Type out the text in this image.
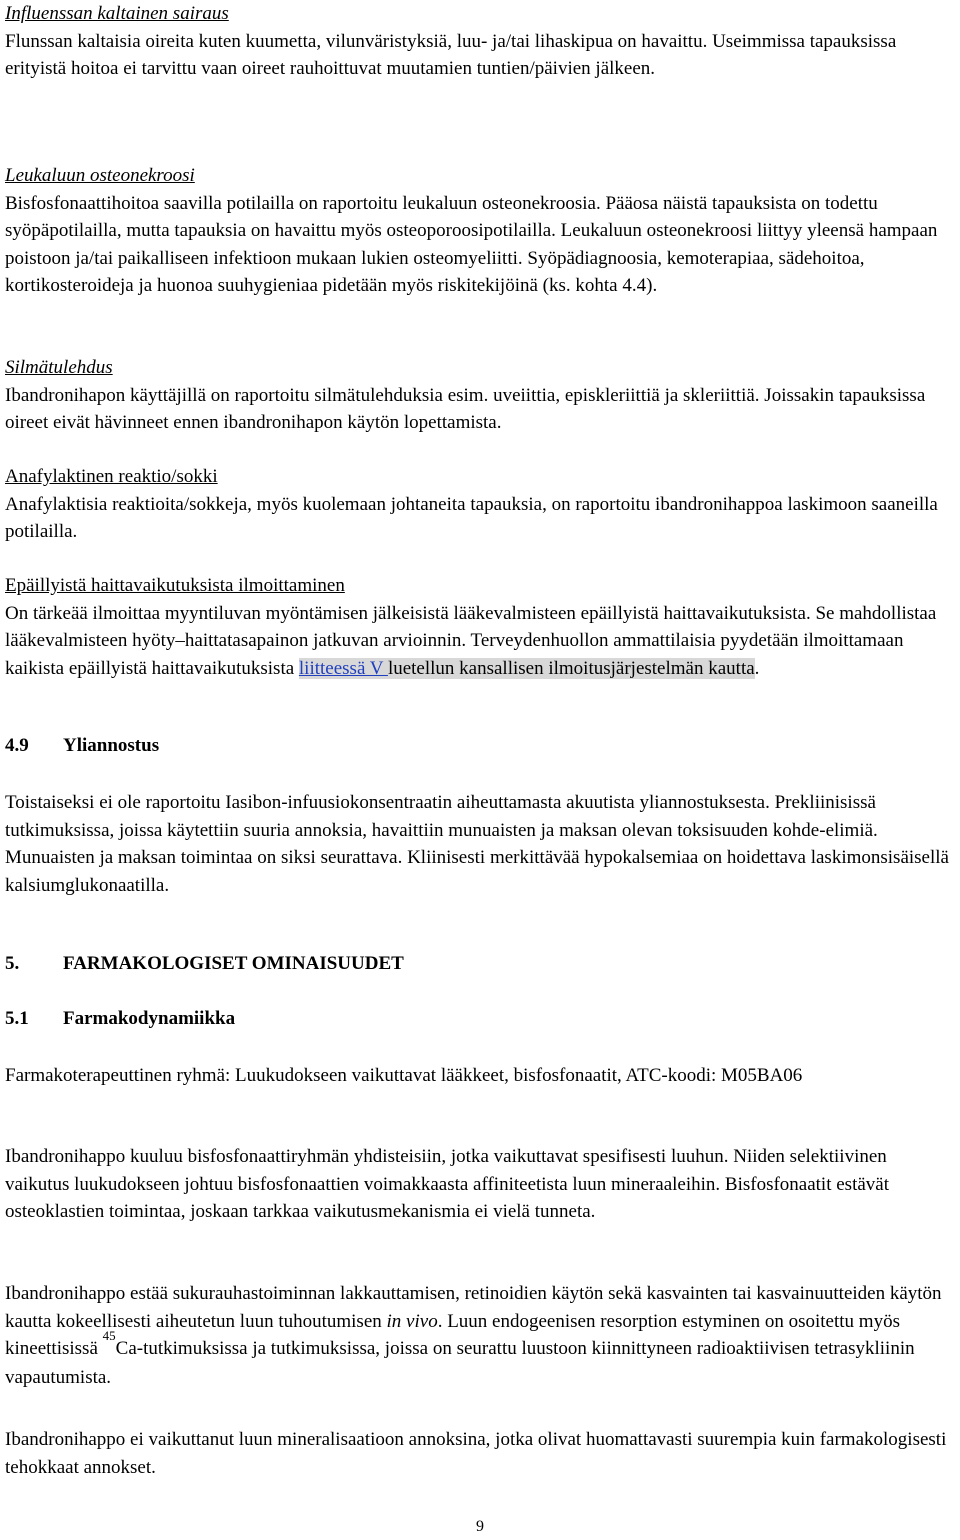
Influenssan kaltainen sairaus
Flunssan kaltaisia oireita kuten kuumetta, vilunväristyksiä, luu- ja/tai lihaskipua on havaittu. Useimmissa tapauksissa erityistä hoitoa ei tarvittu vaan oireet rauhoittuvat muutamien tuntien/päivien jälkeen.
Leukaluun osteonekroosi
Bisfosfonaattihoitoa saavilla potilailla on raportoitu leukaluun osteonekroosia. Pääosa näistä tapauksista on todettu syöpäpotilailla, mutta tapauksia on havaittu myös osteoporoosipotilailla. Leukaluun osteonekroosi liittyy yleensä hampaan poistoon ja/tai paikalliseen infektioon mukaan lukien osteomyeliitti. Syöpädiagnoosia, kemoterapiaa, sädehoitoa, kortikosteroideja ja huonoa suuhygieniaa pidetään myös riskitekijöinä (ks. kohta 4.4).
Silmätulehdus
Ibandronihapon käyttäjillä on raportoitu silmätulehduksia esim. uveiittia, episkleriittiä ja skleriittiä. Joissakin tapauksissa oireet eivät hävinneet ennen ibandronihapon käytön lopettamista.
Anafylaktinen reaktio/sokki
Anafylaktisia reaktioita/sokkeja, myös kuolemaan johtaneita tapauksia, on raportoitu ibandronihappoa laskimoon saaneilla potilailla.
Epäillyistä haittavaikutuksista ilmoittaminen
On tärkeää ilmoittaa myyntiluvan myöntämisen jälkeisistä lääkevalmisteen epäillyistä haittavaikutuksista. Se mahdollistaa lääkevalmisteen hyöty–haittatasapainon jatkuvan arvioinnin. Terveydenhuollon ammattilaisia pyydetään ilmoittamaan kaikista epäillyistä haittavaikutuksista liitteessä V luetellun kansallisen ilmoitusjärjestelmän kautta.
4.9 Yliannostus
Toistaiseksi ei ole raportoitu Iasibon-infuusiokonsentraatin aiheuttamasta akuutista yliannostuksesta. Prekliinisissä tutkimuksissa, joissa käytettiin suuria annoksia, havaittiin munuaisten ja maksan olevan toksisuuden kohde-elimiä. Munuaisten ja maksan toimintaa on siksi seurattava. Kliinisesti merkittävää hypokalsemiaa on hoidettava laskimonsisäisellä kalsiumglukonaatilla.
5. FARMAKOLOGISET OMINAISUUDET
5.1 Farmakodynamiikka
Farmakoterapeuttinen ryhmä: Luukudokseen vaikuttavat lääkkeet, bisfosfonaatit, ATC-koodi: M05BA06
Ibandronihappo kuuluu bisfosfonaattiryhmän yhdisteisiin, jotka vaikuttavat spesifisesti luuhun. Niiden selektiivinen vaikutus luukudokseen johtuu bisfosfonaattien voimakkaasta affiniteetista luun mineraaleihin. Bisfosfonaatit estävät osteoklastien toimintaa, joskaan tarkkaa vaikutusmekanismia ei vielä tunneta.
Ibandronihappo estää sukurauhastoiminnan lakkauttamisen, retinoidien käytön sekä kasvainten tai kasvainuutteiden käytön kautta kokeellisesti aiheutetun luun tuhoutumisen in vivo. Luun endogeenisen resorption estyminen on osoitettu myös kineettisissä $^{45}$Ca-tutkimuksissa ja tutkimuksissa, joissa on seurattu luustoon kiinnittyneen radioaktiivisen tetrasykliinin vapautumista.
Ibandronihappo ei vaikuttanut luun mineralisaatioon annoksina, jotka olivat huomattavasti suurempia kuin farmakologisesti tehokkaat annokset.
9
